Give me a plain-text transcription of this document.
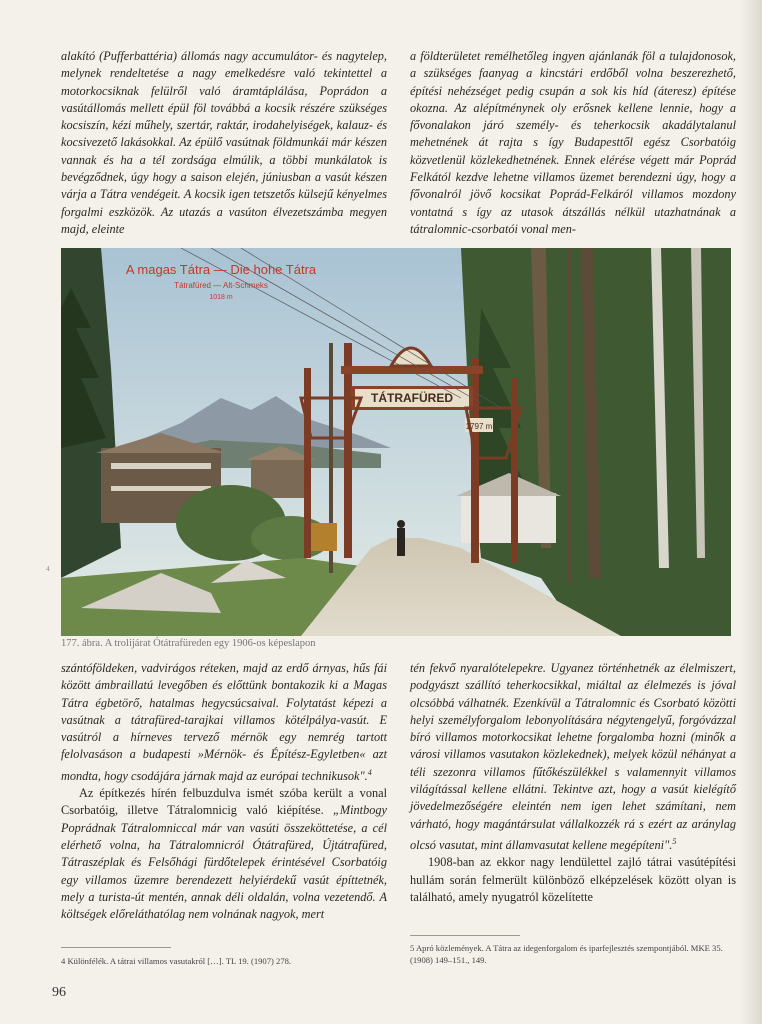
alakító (Pufferbattéria) állomás nagy accumulátor- és nagytelep, melynek rendeltetése a nagy emelkedésre való tekintettel a motorkocsiknak felülről való áramtáplálása, Poprádon a vasútállomás mellett épül föl továbbá a kocsik részére szükséges kocsiszín, kézi műhely, szertár, raktár, irodahelyiségek, kalauz- és kocsivezető lakásokkal. Az épülő vasútnak földmunkái már készen vannak és ha a tél zordsága elmúlik, a többi munkálatok is bevégződnek, úgy hogy a saison elején, júniusban a vasút készen várja a Tátra vendégeit. A kocsik igen tetszetős külsejű kényelmes forgalmi eszközök. Az utazás a vasúton élvezetszámba megyen majd, eleinte

a földterületet remélhetőleg ingyen ajánlanák föl a tulajdonosok, a szükséges faanyag a kincstári erdőből volna beszerezhető, építési nehézséget pedig csupán a sok kis híd (áteresz) építése okozna. Az alépítménynek oly erősnek kellene lennie, hogy a fővonalakon járó személy- és teherkocsik akadálytalanul mehetnének át rajta s így Budapesttől egész Csorbatóig közvetlenül közlekedhetnének. Ennek elérése végett már Poprád Felkától kezdve lehetne villamos üzemet berendezni úgy, hogy a fővonalról jövő kocsikat Poprád-Felkáról villamos mozdony vontatná s így az utasok átszállás nélkül utazhatnának a tátralomnic-csorbatói vonal men-

A magas Tátra — Die hohe Tátra
Tátrafüred — Alt-Schmeks
1018 m
TÁTRAFÜRED
1797 m
177. ábra. A trolijárat Ótátrafüreden egy 1906-os képeslapon
4

szántóföldeken, vadvirágos réteken, majd az erdő árnyas, hűs fái között ámbraillatú levegőben és előttünk bontakozik ki a Magas Tátra égbetörő, hatalmas hegycsúcsaival. Folytatást képezi a vasútnak a tátrafüred-tarajkai villamos kötélpálya-vasút. E vasútról a hírneves tervező mérnök egy nemrég tartott felolvasáson a budapesti »Mérnök- és Építész-Egyletben« azt mondta, hogy csodájára járnak majd az európai technikusok".$^4$

Az építkezés hírén felbuzdulva ismét szóba került a vonal Csorbatóig, illetve Tátralomnicig való kiépítése. „Mintbogy Poprádnak Tátralomniccal már van vasúti összeköttetése, a cél elérhető volna, ha Tátralomnicról Ótátrafüred, Újtátrafüred, Tátraszéplak és Felsőhági fürdőtelepek érintésével Csorbatóig egy villamos üzemre berendezett helyiérdekű vasút építtetnék, mely a turista-út mentén, annak déli oldalán, volna vezetendő. A költségek előreláthatólag nem volnának nagyok, mert

tén fekvő nyaralótelepekre. Ugyanez történhetnék az élelmiszert, podgyászt szállító teherkocsikkal, miáltal az élelmezés is jóval olcsóbbá válhatnék. Ezenkívül a Tátralomnic és Csorbató közötti helyi személyforgalom lebonyolítására négytengelyű, forgóvázzal bíró villamos motorkocsikat lehetne forgalomba hozni (minők a városi villamos vasutakon közlekednek), melyek közül néhányat a téli szezonra villamos fűtőkészülékkel s valamennyit villamos világítással kellene ellátni. Tekintve azt, hogy a vasút kielégítő jövedelmezőségére eleintén nem igen lehet számítani, nem várható, hogy magántársulat vállalkozzék rá s ezért az aránylag olcsó vasutat, mint államvasutat kellene megépíteni".$^5$

1908-ban az ekkor nagy lendülettel zajló tátrai vasútépítési hullám során felmerült különböző elképzelések között olyan is található, amely nyugatról közelítette

4 Különfélék. A tátrai villamos vasutakról […]. TL 19. (1907) 278.
5 Apró közlemények. A Tátra az idegenforgalom és iparfejlesztés szempontjából. MKE 35. (1908) 149–151., 149.
96
